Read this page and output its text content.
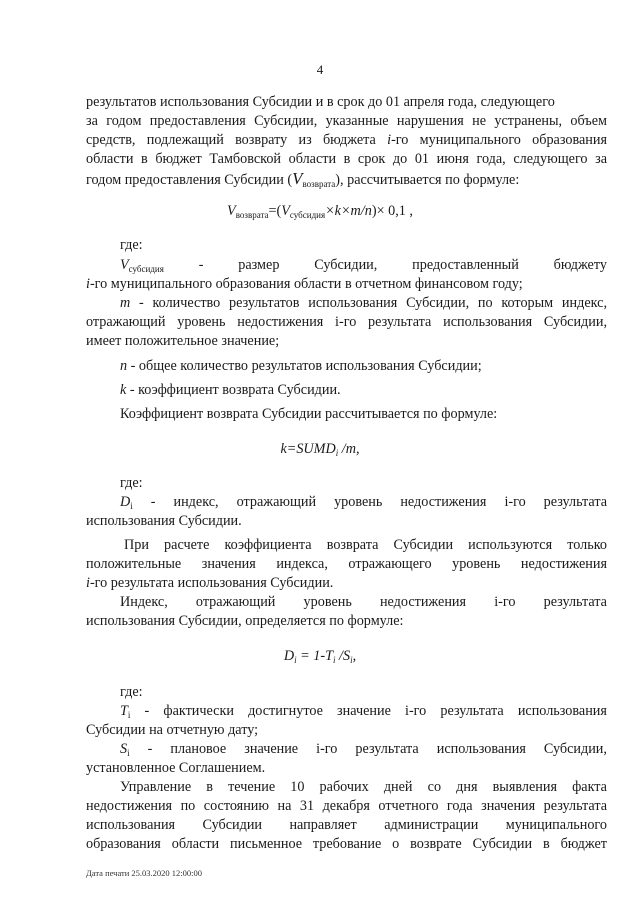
4
результатов использования Субсидии и в срок до 01 апреля года, следующего
за годом предоставления Субсидии, указанные нарушения не устранены, объем
средств, подлежащий возврату из бюджета i-го муниципального образования
области в бюджет Тамбовской области в срок до 01 июня года, следующего за
годом предоставления Субсидии $(V_{возврата})$, рассчитывается по формуле:
$V_{возврата}=(V_{субсидия}\times k\times m/n)\times 0,1$ ,
где:
$V_{субсидия}$ - размер Субсидии, предоставленный бюджету
i-го муниципального образования области в отчетном финансовом году;
m - количество результатов использования Субсидии, по которым индекс,
отражающий уровень недостижения i-го результата использования Субсидии,
имеет положительное значение;
n - общее количество результатов использования Субсидии;
k - коэффициент возврата Субсидии.
Коэффициент возврата Субсидии рассчитывается по формуле:
$k=SUMD_i$ /m,
где:
$D_i$ - индекс, отражающий уровень недостижения i-го результата
использования Субсидии.
При расчете коэффициента возврата Субсидии используются только
положительные значения индекса, отражающего уровень недостижения
i-го результата использования Субсидии.
Индекс, отражающий уровень недостижения i-го результата
использования Субсидии, определяется по формуле:
$D_i = 1-T_i$ $/S_i$,
где:
$T_i$ - фактически достигнутое значение i-го результата использования
Субсидии на отчетную дату;
$S_i$ - плановое значение i-го результата использования Субсидии,
установленное Соглашением.
Управление в течение 10 рабочих дней со дня выявления факта
недостижения по состоянию на 31 декабря отчетного года значения результата
использования Субсидии направляет администрации муниципального
образования области письменное требование о возврате Субсидии в бюджет
Дата печати 25.03.2020 12:00:00
